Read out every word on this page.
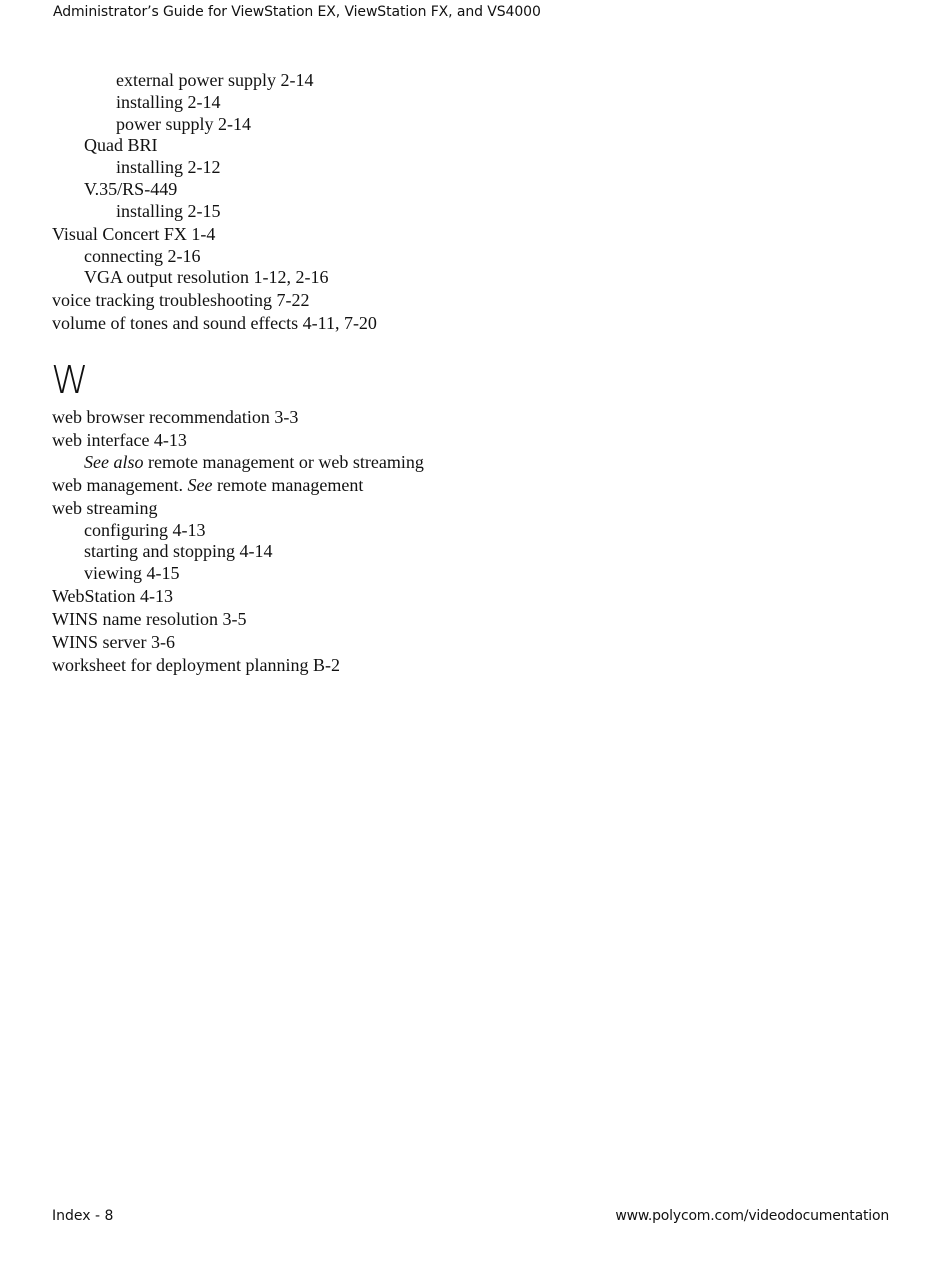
Administrator’s Guide for ViewStation EX, ViewStation FX, and VS4000
external power supply 2-14
installing 2-14
power supply 2-14
Quad BRI
installing 2-12
V.35/RS-449
installing 2-15
Visual Concert FX 1-4
connecting 2-16
VGA output resolution 1-12, 2-16
voice tracking troubleshooting 7-22
volume of tones and sound effects 4-11, 7-20
W
web browser recommendation 3-3
web interface 4-13
See also remote management or web streaming
web management. See remote management
web streaming
configuring 4-13
starting and stopping 4-14
viewing 4-15
WebStation 4-13
WINS name resolution 3-5
WINS server 3-6
worksheet for deployment planning B-2
Index - 8	www.polycom.com/videodocumentation
